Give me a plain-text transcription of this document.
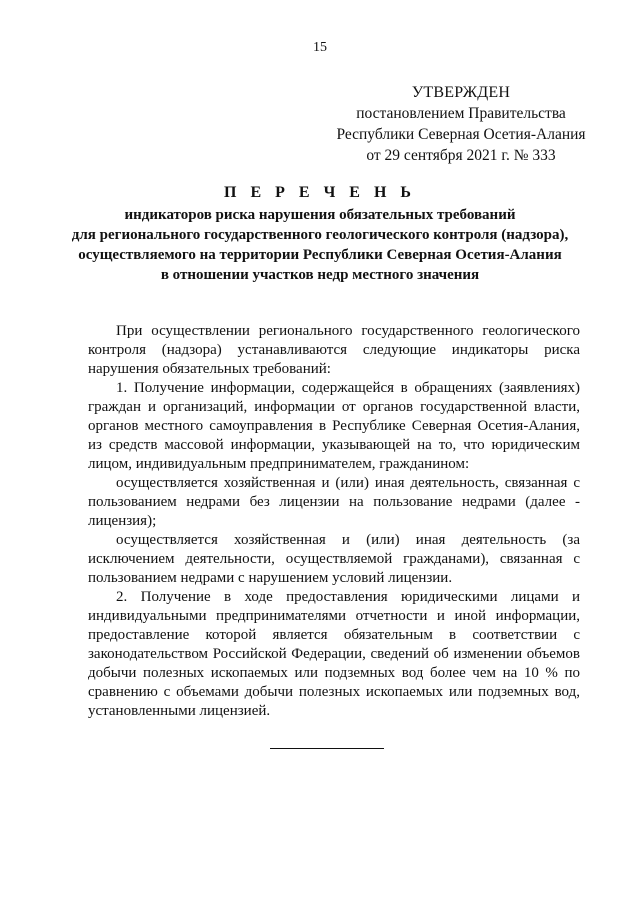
15
УТВЕРЖДЕН
постановлением Правительства
Республики Северная Осетия-Алания
от 29 сентября 2021 г. № 333
П Е Р Е Ч Е Н Ь
индикаторов риска нарушения обязательных требований
для регионального государственного геологического контроля (надзора),
осуществляемого на территории Республики Северная Осетия-Алания
в отношении участков недр местного значения

При осуществлении регионального государственного геологического контроля (надзора) устанавливаются следующие индикаторы риска нарушения обязательных требований:

1. Получение информации, содержащейся в обращениях (заявлениях) граждан и организаций, информации от органов государственной власти, органов местного самоуправления в Республике Северная Осетия-Алания, из средств массовой информации, указывающей на то, что юридическим лицом, индивидуальным предпринимателем, гражданином:

осуществляется хозяйственная и (или) иная деятельность, связанная с пользованием недрами без лицензии на пользование недрами (далее - лицензия);

осуществляется хозяйственная и (или) иная деятельность (за исключением деятельности, осуществляемой гражданами), связанная с пользованием недрами с нарушением условий лицензии.

2. Получение в ходе предоставления юридическими лицами и индивидуальными предпринимателями отчетности и иной информации, предоставление которой является обязательным в соответствии с законодательством Российской Федерации, сведений об изменении объемов добычи полезных ископаемых или подземных вод более чем на 10 % по сравнению с объемами добычи полезных ископаемых или подземных вод, установленными лицензией.
